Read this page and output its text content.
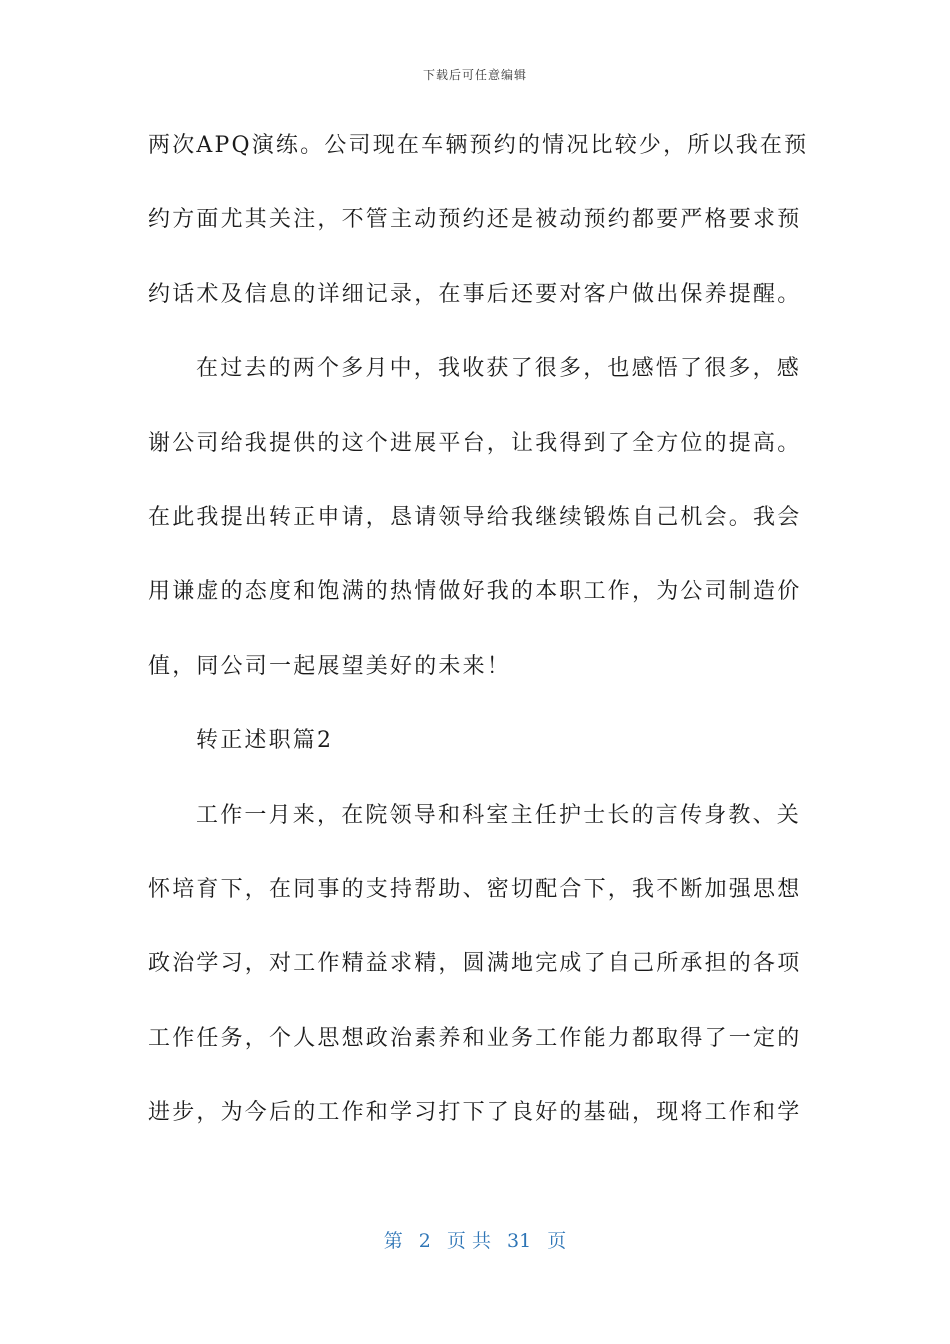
下载后可任意编辑
两次APQ演练。公司现在车辆预约的情况比较少，所以我在预
约方面尤其关注，不管主动预约还是被动预约都要严格要求预
约话术及信息的详细记录，在事后还要对客户做出保养提醒。
在过去的两个多月中，我收获了很多，也感悟了很多，感
谢公司给我提供的这个进展平台，让我得到了全方位的提高。
在此我提出转正申请，恳请领导给我继续锻炼自己机会。我会
用谦虚的态度和饱满的热情做好我的本职工作，为公司制造价
值，同公司一起展望美好的未来！
转正述职篇2
工作一月来，在院领导和科室主任护士长的言传身教、关
怀培育下，在同事的支持帮助、密切配合下，我不断加强思想
政治学习，对工作精益求精，圆满地完成了自己所承担的各项
工作任务，个人思想政治素养和业务工作能力都取得了一定的
进步，为今后的工作和学习打下了良好的基础，现将工作和学
第 2 页 共 31 页
